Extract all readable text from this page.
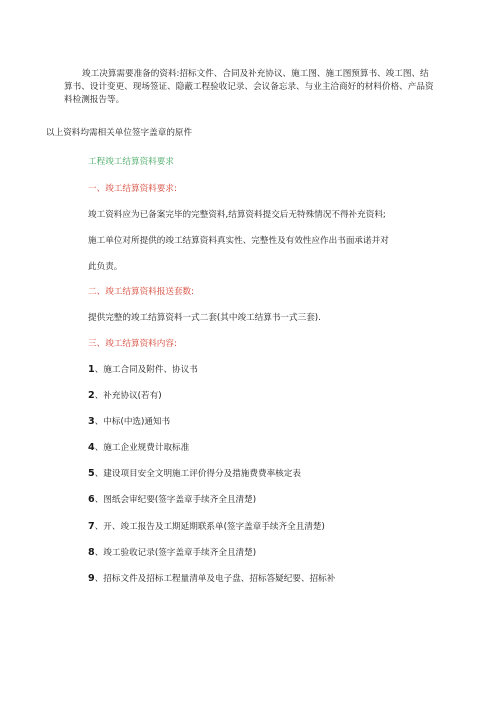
竣工决算需要准备的资料:招标文件、合同及补充协议、施工图、施工图预算书、竣工图、结算书、设计变更、现场签证、隐蔽工程验收记录、会议备忘录、与业主洽商好的材料价格、产品资料检测报告等。
以上资料均需相关单位签字盖章的原件
工程竣工结算资料要求
一、竣工结算资料要求:
竣工资料应为已备案完毕的完整资料,结算资料提交后无特殊情况不得补充资料;
施工单位对所提供的竣工结算资料真实性、完整性及有效性应作出书面承诺并对
此负责。
二、竣工结算资料报送套数:
提供完整的竣工结算资料一式二套(其中竣工结算书一式三套).
三、竣工结算资料内容:
1、施工合同及附件、协议书
2、补充协议(若有)
3、中标(中选)通知书
4、施工企业规费计取标准
5、建设项目安全文明施工评价得分及措施费费率核定表
6、图纸会审纪要(签字盖章手续齐全且清楚)
7、开、竣工报告及工期延期联系单(签字盖章手续齐全且清楚)
8、竣工验收记录(签字盖章手续齐全且清楚)
9、招标文件及招标工程量清单及电子盘、招标答疑纪要、招标补
